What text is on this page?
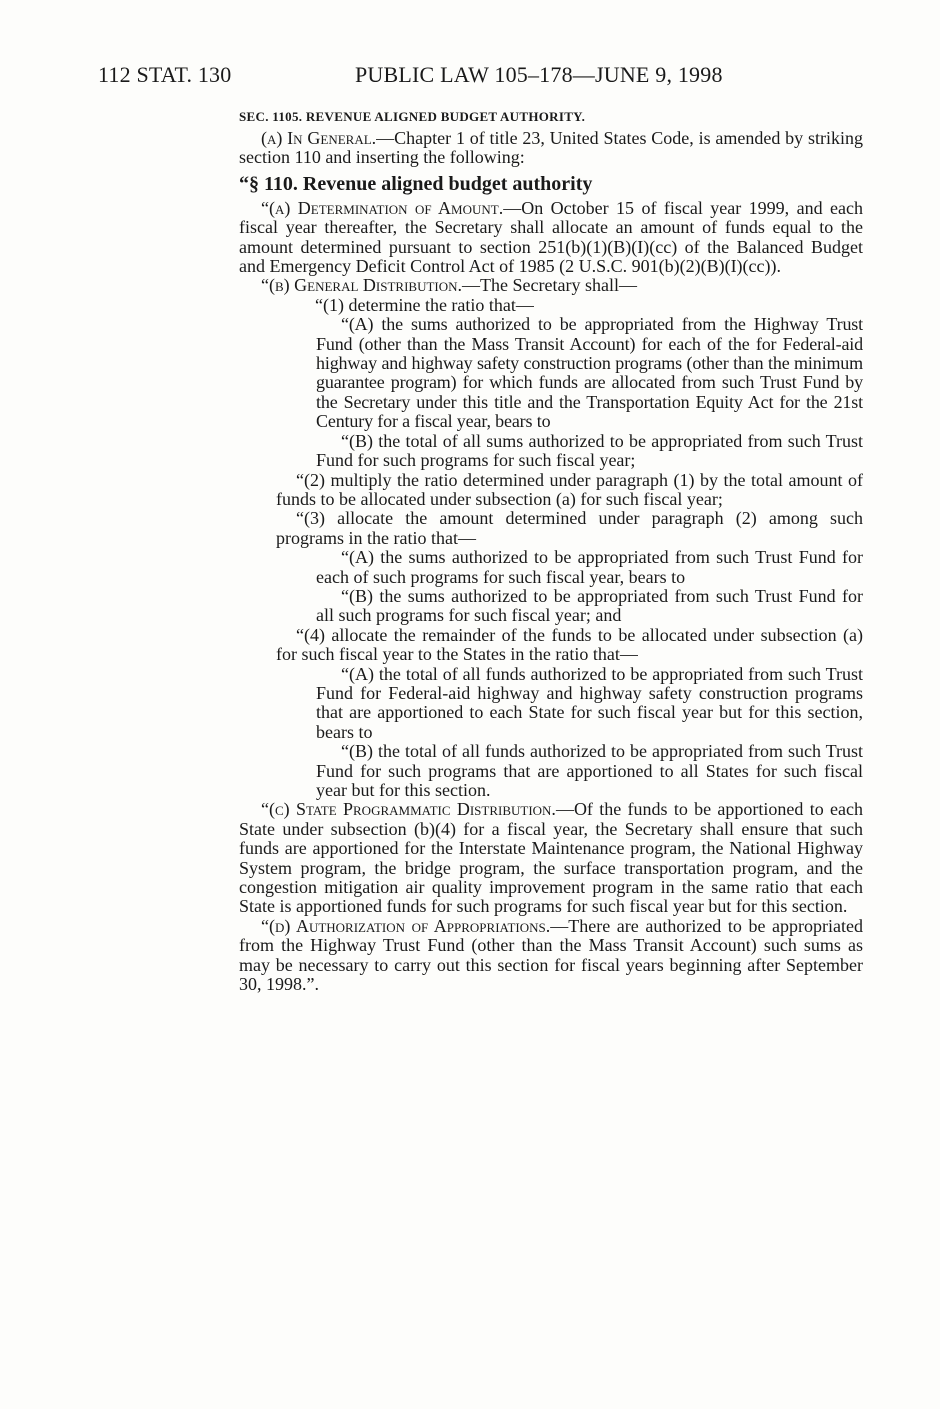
112 STAT. 130	PUBLIC LAW 105–178—JUNE 9, 1998

SEC. 1105. REVENUE ALIGNED BUDGET AUTHORITY.

(a) In General.—Chapter 1 of title 23, United States Code, is amended by striking section 110 and inserting the following:

“§ 110. Revenue aligned budget authority

“(a) Determination of Amount.—On October 15 of fiscal year 1999, and each fiscal year thereafter, the Secretary shall allocate an amount of funds equal to the amount determined pursuant to section 251(b)(1)(B)(I)(cc) of the Balanced Budget and Emergency Deficit Control Act of 1985 (2 U.S.C. 901(b)(2)(B)(I)(cc)).

“(b) General Distribution.—The Secretary shall—

“(1) determine the ratio that—

“(A) the sums authorized to be appropriated from the Highway Trust Fund (other than the Mass Transit Account) for each of the for Federal-aid highway and highway safety construction programs (other than the minimum guarantee program) for which funds are allocated from such Trust Fund by the Secretary under this title and the Transportation Equity Act for the 21st Century for a fiscal year, bears to

“(B) the total of all sums authorized to be appropriated from such Trust Fund for such programs for such fiscal year;

“(2) multiply the ratio determined under paragraph (1) by the total amount of funds to be allocated under subsection (a) for such fiscal year;

“(3) allocate the amount determined under paragraph (2) among such programs in the ratio that—

“(A) the sums authorized to be appropriated from such Trust Fund for each of such programs for such fiscal year, bears to

“(B) the sums authorized to be appropriated from such Trust Fund for all such programs for such fiscal year; and

“(4) allocate the remainder of the funds to be allocated under subsection (a) for such fiscal year to the States in the ratio that—

“(A) the total of all funds authorized to be appropriated from such Trust Fund for Federal-aid highway and highway safety construction programs that are apportioned to each State for such fiscal year but for this section, bears to

“(B) the total of all funds authorized to be appropriated from such Trust Fund for such programs that are apportioned to all States for such fiscal year but for this section.

“(c) State Programmatic Distribution.—Of the funds to be apportioned to each State under subsection (b)(4) for a fiscal year, the Secretary shall ensure that such funds are apportioned for the Interstate Maintenance program, the National Highway System program, the bridge program, the surface transportation program, and the congestion mitigation air quality improvement program in the same ratio that each State is apportioned funds for such programs for such fiscal year but for this section.

“(d) Authorization of Appropriations.—There are authorized to be appropriated from the Highway Trust Fund (other than the Mass Transit Account) such sums as may be necessary to carry out this section for fiscal years beginning after September 30, 1998.”.
